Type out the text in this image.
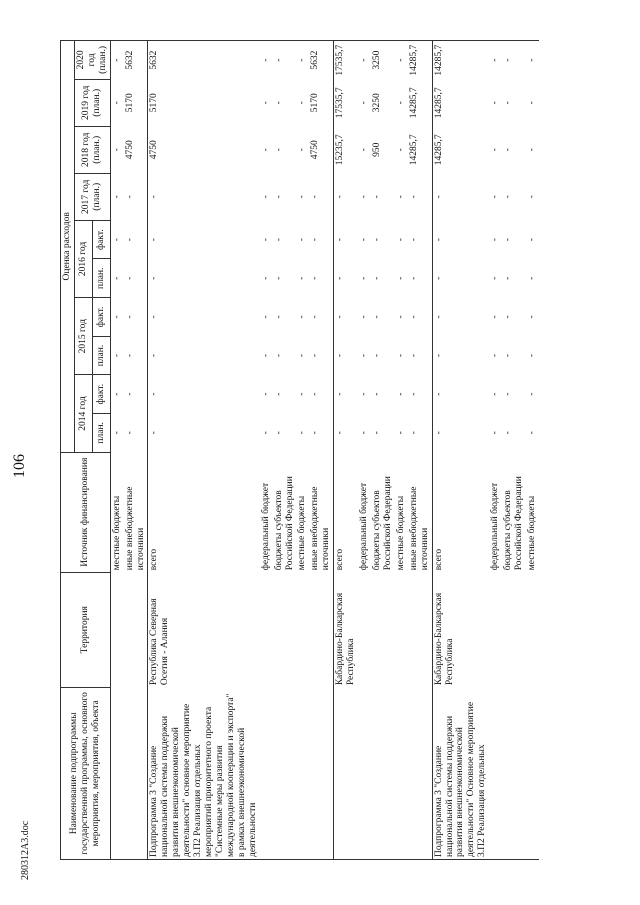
106
Наименование подпрограммы государственной программы, основного мероприятия, мероприятия, объекта	Территория	Источник финансирования	Оценка расходов									
			2014 год		2015 год		2016 год		2017 год (план.)	2018 год (план.)	2019 год (план.)	2020 год (план.)
			план.	факт.	план.	факт.	план.	факт.				
		местные бюджеты	-	-	-	-	-	-	-	-	-	-
		иные внебюджетные источники	-	-	-	-	-	-	-	4750	5170	5632
Подпрограмма 3 "Создание национальной системы поддержки развития внешнеэкономической деятельности" основное мероприятие 3.П2 Реализация отдельных мероприятий приоритетного проекта "Системные меры развития международной кооперации и экспорта" в рамках внешнеэкономической деятельности	Республика Северная Осетия - Алания	всего	-	-	-	-	-	-	-	4750	5170	5632
		федеральный бюджет	-	-	-	-	-	-	-	-	-	-
		бюджеты субъектов Российской Федерации	-	-	-	-	-	-	-	-	-	-
		местные бюджеты	-	-	-	-	-	-	-	-	-	-
		иные внебюджетные источники	-	-	-	-	-	-	-	4750	5170	5632
	Кабардино-Балкарская Республика	всего	-	-	-	-	-	-	-	15235,7	17535,7	17535,7
		федеральный бюджет	-	-	-	-	-	-	-	-	-	-
		бюджеты субъектов Российской Федерации	-	-	-	-	-	-	-	950	3250	3250
		местные бюджеты	-	-	-	-	-	-	-	-	-	-
		иные внебюджетные источники	-	-	-	-	-	-	-	14285,7	14285,7	14285,7
Подпрограмма 3 "Создание национальной системы поддержки развития внешнеэкономической деятельности" Основное мероприятие 3.П2 Реализация отдельных	Кабардино-Балкарская Республика	всего	-	-	-	-	-	-	-	14285,7	14285,7	14285,7
		федеральный бюджет	-	-	-	-	-	-	-	-	-	-
		бюджеты субъектов Российской Федерации	-	-	-	-	-	-	-	-	-	-
		местные бюджеты	-	-	-	-	-	-	-	-	-	-
280312А3.doc
